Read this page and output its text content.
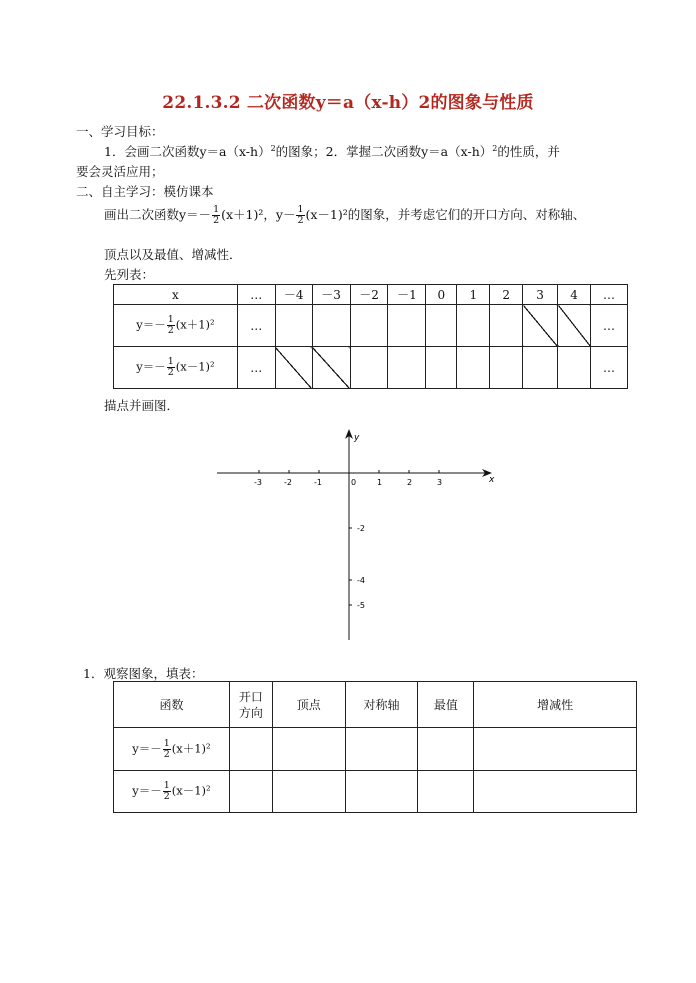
22.1.3.2 二次函数y＝a（x-h）2的图象与性质
一、学习目标：
1．会画二次函数$y=a(x-h)^2$的图象；2．掌握二次函数$y=a(x-h)^2$的性质，并
要会灵活应用；
二、自主学习：模仿课本
画出二次函数$y=- \frac{1}{2} (x+1)^2$，$y- \frac{1}{2} (x-1)^2$的图象，并考虑它们的开口方向、对称轴、
顶点以及最值、增减性．
先列表：
x	…	－4	－3	－2	－1	0	1	2	3	4	…
$y=- \frac{1}{2} (x+1)^2$	…										…
$y=- \frac{1}{2} (x-1)^2$	…										…
描点并画图．
x
y
0
-3	-2	-1	1	2	3
-2
-4
-5
1．观察图象，填表：
函数	开口
方向	顶点	对称轴	最值	增减性
$y=- \frac{1}{2} (x+1)^2$					
$y=- \frac{1}{2} (x-1)^2$					
